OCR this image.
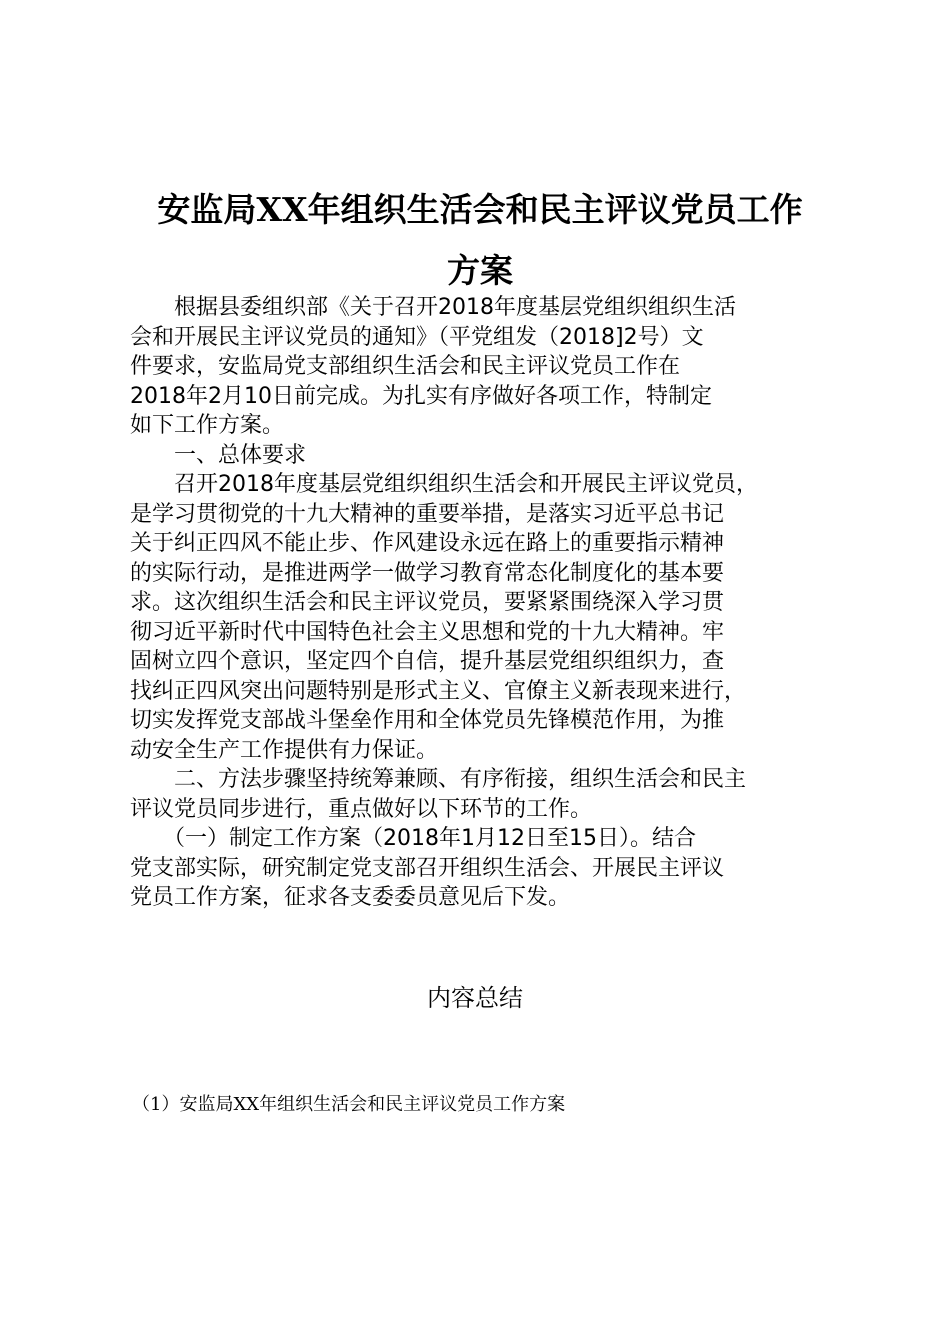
安监局XX年组织生活会和民主评议党员工作
方案
　　根据县委组织部《关于召开2018年度基层党组织组织生活
会和开展民主评议党员的通知》（平党组发（2018]2号）文
件要求，安监局党支部组织生活会和民主评议党员工作在
2018年2月10日前完成。为扎实有序做好各项工作，特制定
如下工作方案。
　　一、总体要求
　　召开2018年度基层党组织组织生活会和开展民主评议党员，
是学习贯彻党的十九大精神的重要举措，是落实习近平总书记
关于纠正四风不能止步、作风建设永远在路上的重要指示精神
的实际行动，是推进两学一做学习教育常态化制度化的基本要
求。这次组织生活会和民主评议党员，要紧紧围绕深入学习贯
彻习近平新时代中国特色社会主义思想和党的十九大精神。牢
固树立四个意识，坚定四个自信，提升基层党组织组织力，查
找纠正四风突出问题特别是形式主义、官僚主义新表现来进行，
切实发挥党支部战斗堡垒作用和全体党员先锋模范作用，为推
动安全生产工作提供有力保证。
　　二、方法步骤坚持统筹兼顾、有序衔接，组织生活会和民主
评议党员同步进行，重点做好以下环节的工作。
　　（一）制定工作方案（2018年1月12日至15日）。结合
党支部实际，研究制定党支部召开组织生活会、开展民主评议
党员工作方案，征求各支委委员意见后下发。
内容总结
（1）安监局XX年组织生活会和民主评议党员工作方案
